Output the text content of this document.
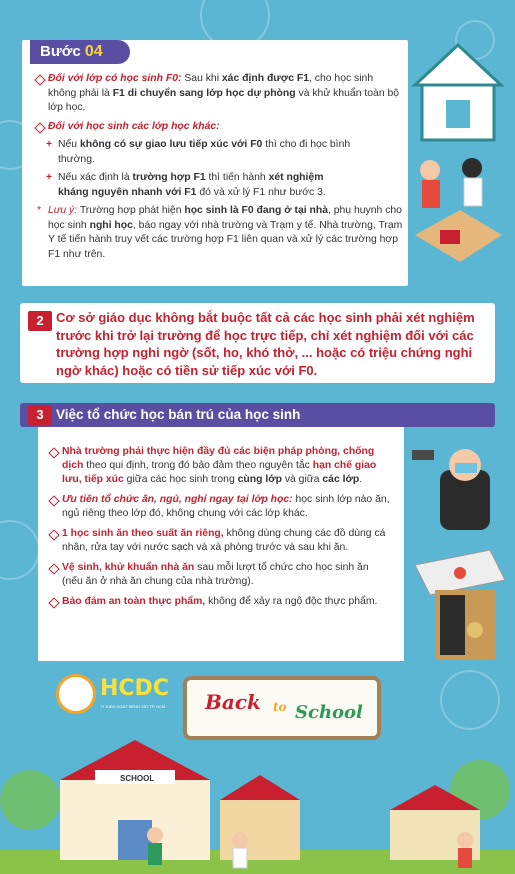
Bước 04

Đối với lớp có học sinh F0: Sau khi xác định được F1, cho học sinh không phải là F1 di chuyển sang lớp học dự phòng và khử khuẩn toàn bộ lớp học.

Đối với học sinh các lớp học khác:

+ Nếu không có sự giao lưu tiếp xúc với F0 thì cho đi học bình thường.

+ Nếu xác định là trường hợp F1 thì tiến hành xét nghiệm kháng nguyên nhanh với F1 đó và xử lý F1 như bước 3.

* Lưu ý: Trường hợp phát hiện học sinh là F0 đang ở tại nhà, phụ huynh cho học sinh nghỉ học, báo ngay với nhà trường và Trạm y tế. Nhà trường, Trạm Y tế tiến hành truy vết các trường hợp F1 liên quan và xử lý các trường hợp F1 như trên.

2 Cơ sở giáo dục không bắt buộc tất cả các học sinh phải xét nghiệm trước khi trở lại trường để học trực tiếp, chỉ xét nghiệm đối với các trường hợp nghi ngờ (sốt, ho, khó thở, ... hoặc có triệu chứng nghi ngờ khác) hoặc có tiền sử tiếp xúc với F0.
3 Việc tổ chức học bán trú của học sinh

Nhà trường phải thực hiện đầy đủ các biện pháp phòng, chống dịch theo qui định, trong đó bảo đảm theo nguyên tắc hạn chế giao lưu, tiếp xúc giữa các học sinh trong cùng lớp và giữa các lớp.

Ưu tiên tổ chức ăn, ngủ, nghỉ ngay tại lớp học: học sinh lớp nào ăn, ngủ riêng theo lớp đó, không chung với các lớp khác.

1 học sinh ăn theo suất ăn riêng, không dùng chung các đồ dùng cá nhân, rửa tay với nước sạch và xà phòng trước và sau khi ăn.

Vệ sinh, khử khuẩn nhà ăn sau mỗi lượt tổ chức cho học sinh ăn (nếu ăn ở nhà ăn chung của nhà trường).

Bảo đảm an toàn thực phẩm, không để xảy ra ngộ độc thực phẩm.

HCDC
TT KIỂM SOÁT BỆNH TẬT TP. HCM	Back to School
SCHOOL
